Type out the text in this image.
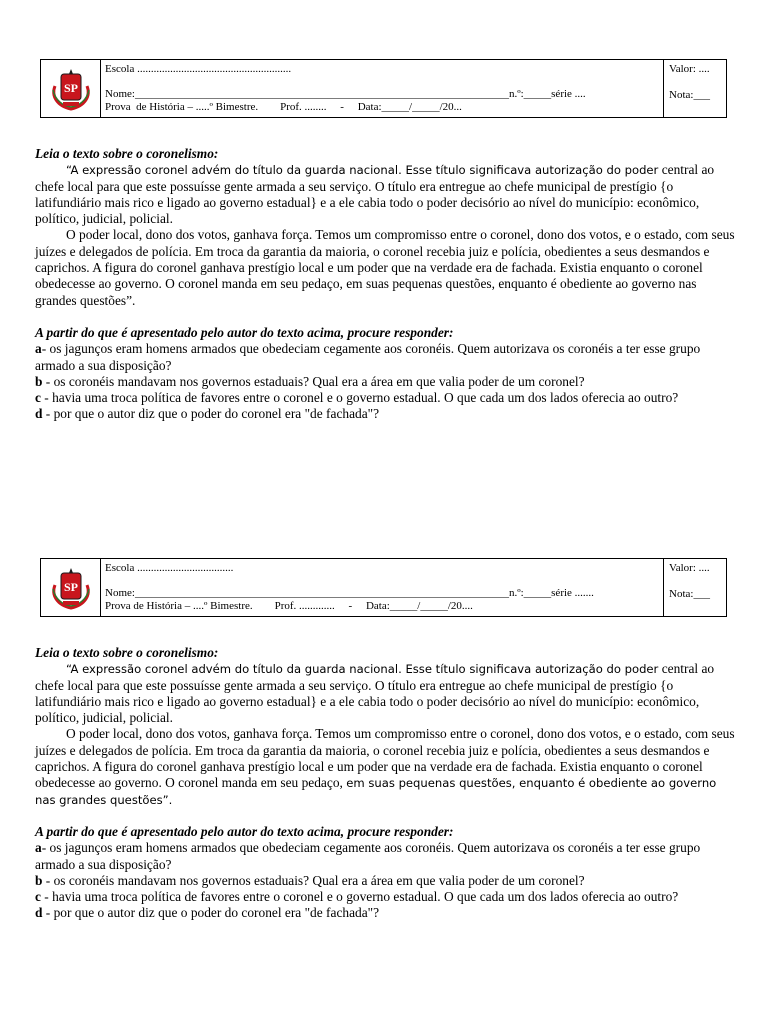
SP
Escola ........................................................
Nome:____________________________________________________________________n.º:_____série ....
Prova  de História – .....º Bimestre.        Prof. ........     -     Data:_____/_____/20...
Valor: ....
Nota:___

Leia o texto sobre o coronelismo:

“A expressão coronel advém do título da guarda nacional. Esse título significava autorização do poder central ao chefe local para que este possuísse gente armada a seu serviço. O título era entregue ao chefe municipal de prestígio {o latifundiário mais rico e ligado ao governo estadual} e a ele cabia todo o poder decisório ao nível do município: econômico, político, judicial, policial.

O poder local, dono dos votos, ganhava força. Temos um compromisso entre o coronel, dono dos votos, e o estado, com seus juízes e delegados de polícia. Em troca da garantia da maioria, o coronel recebia juiz e polícia, obedientes a seus desmandos e caprichos. A figura do coronel ganhava prestígio local e um poder que na verdade era de fachada. Existia enquanto o coronel obedecesse ao governo. O coronel manda em seu pedaço, em suas pequenas questões, enquanto é obediente ao governo nas grandes questões”.

A partir do que é apresentado pelo autor do texto acima, procure responder:

a- os jagunços eram homens armados que obedeciam cegamente aos coronéis. Quem autorizava os coronéis a ter esse grupo armado a sua disposição?

b - os coronéis mandavam nos governos estaduais? Qual era a área em que valia poder de um coronel?

c - havia uma troca política de favores entre o coronel e o governo estadual. O que cada um dos lados oferecia ao outro?

d - por que o autor diz que o poder do coronel era "de fachada"?

SP
Escola ...................................
Nome:____________________________________________________________________n.º:_____série .......
Prova de História – ....º Bimestre.        Prof. .............     -     Data:_____/_____/20....
Valor: ....
Nota:___

Leia o texto sobre o coronelismo:

“A expressão coronel advém do título da guarda nacional. Esse título significava autorização do poder central ao chefe local para que este possuísse gente armada a seu serviço. O título era entregue ao chefe municipal de prestígio {o latifundiário mais rico e ligado ao governo estadual} e a ele cabia todo o poder decisório ao nível do município: econômico, político, judicial, policial.

O poder local, dono dos votos, ganhava força. Temos um compromisso entre o coronel, dono dos votos, e o estado, com seus juízes e delegados de polícia. Em troca da garantia da maioria, o coronel recebia juiz e polícia, obedientes a seus desmandos e caprichos. A figura do coronel ganhava prestígio local e um poder que na verdade era de fachada. Existia enquanto o coronel obedecesse ao governo. O coronel manda em seu pedaço, em suas pequenas questões, enquanto é obediente ao governo nas grandes questões”.

A partir do que é apresentado pelo autor do texto acima, procure responder:

a- os jagunços eram homens armados que obedeciam cegamente aos coronéis. Quem autorizava os coronéis a ter esse grupo armado a sua disposição?

b - os coronéis mandavam nos governos estaduais? Qual era a área em que valia poder de um coronel?

c - havia uma troca política de favores entre o coronel e o governo estadual. O que cada um dos lados oferecia ao outro?

d - por que o autor diz que o poder do coronel era "de fachada"?
